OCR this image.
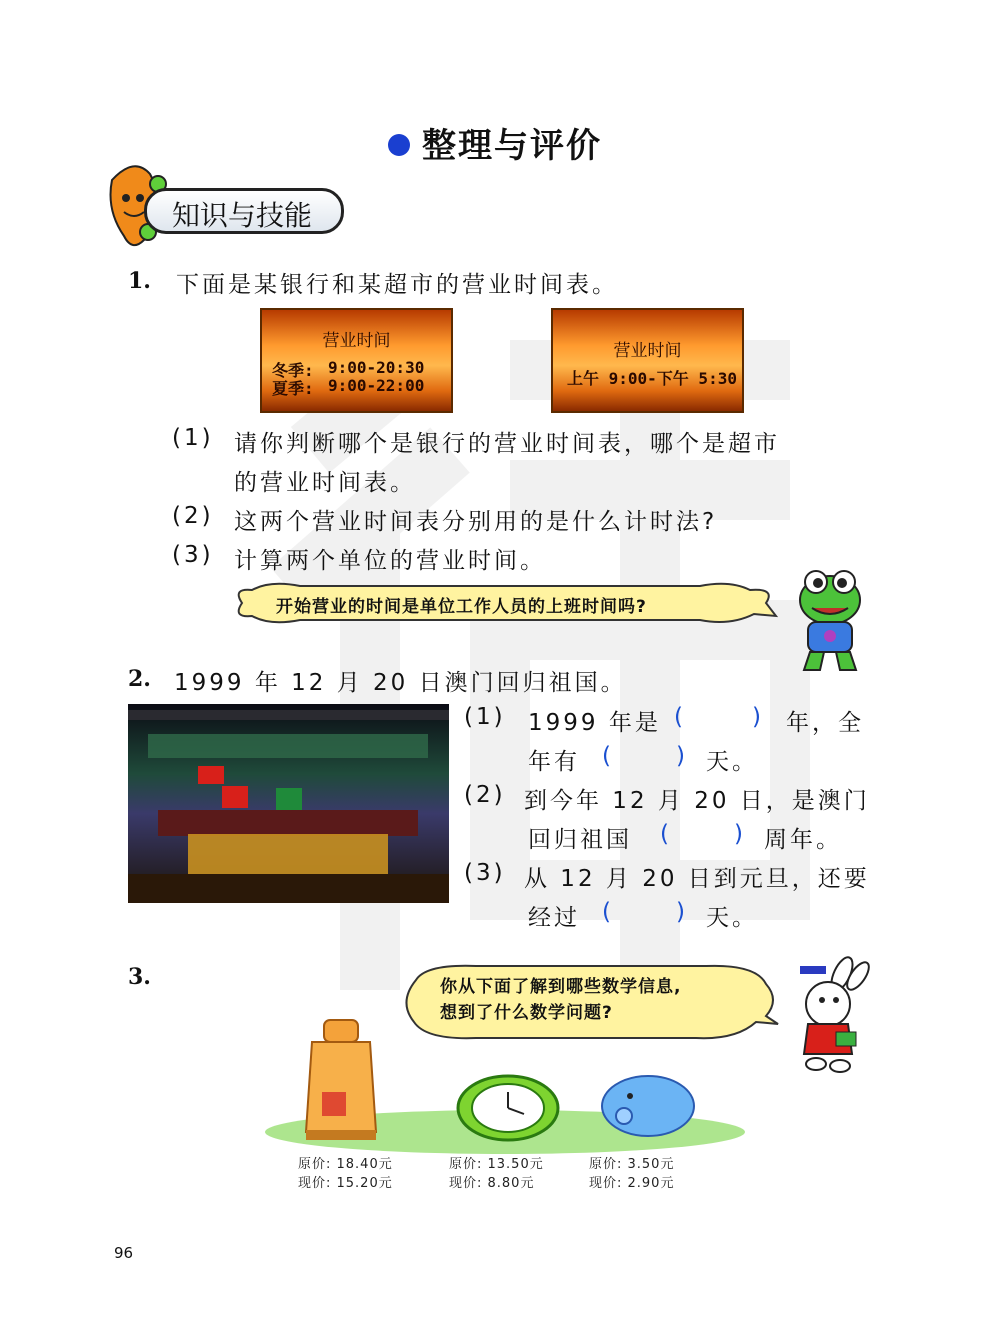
整理与评价
知识与技能
1. 下面是某银行和某超市的营业时间表。
营业时间
冬季: 9:00-20:30
夏季: 9:00-22:00
营业时间
上午 9:00-下午 5:30
(1) 请你判断哪个是银行的营业时间表，哪个是超市
的营业时间表。
(2) 这两个营业时间表分别用的是什么计时法?
(3) 计算两个单位的营业时间。
开始营业的时间是单位工作人员的上班时间吗?
2. 1999 年 12 月 20 日澳门回归祖国。
(1) 1999 年是 (	) 年，全
年有 (	) 天。
(2) 到今年 12 月 20 日，是澳门
回归祖国 (	) 周年。
(3) 从 12 月 20 日到元旦，还要
经过 (	) 天。
3.	你从下面了解到哪些数学信息,
想到了什么数学问题?
原价: 18.40元
现价: 15.20元
原价: 13.50元
现价: 8.80元
原价: 3.50元
现价: 2.90元
96
